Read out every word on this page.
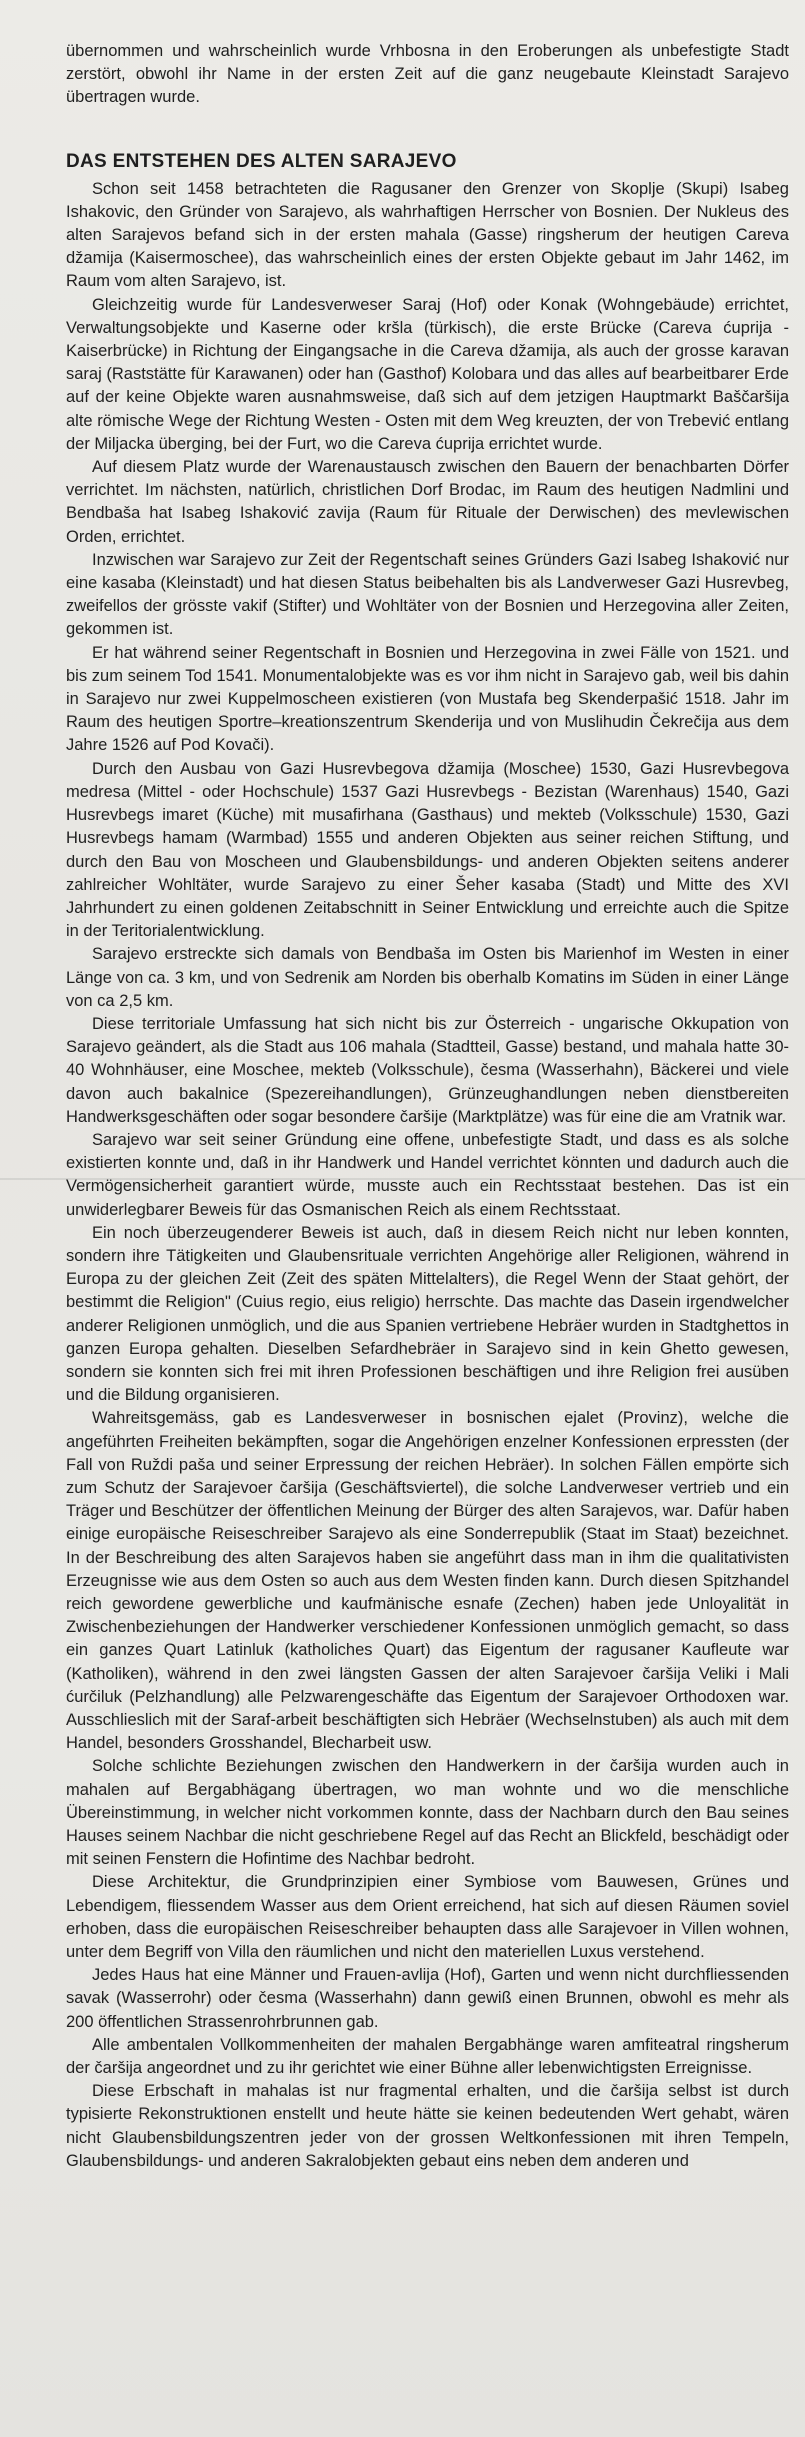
übernommen und wahrscheinlich wurde Vrhbosna in den Eroberungen als unbefestigte Stadt zerstört, obwohl ihr Name in der ersten Zeit auf die ganz neugebaute Kleinstadt Sarajevo übertragen wurde.

DAS ENTSTEHEN DES ALTEN SARAJEVO

Schon seit 1458 betrachteten die Ragusaner den Grenzer von Skoplje (Skupi) Isabeg Ishakovic, den Gründer von Sarajevo, als wahrhaftigen Herrscher von Bosnien. Der Nukleus des alten Sarajevos befand sich in der ersten mahala (Gasse) ringsherum der heutigen Careva džamija (Kaisermoschee), das wahrscheinlich eines der ersten Objekte gebaut im Jahr 1462, im Raum vom alten Sarajevo, ist.

Gleichzeitig wurde für Landesverweser Saraj (Hof) oder Konak (Wohngebäude) errichtet, Verwaltungsobjekte und Kaserne oder kršla (türkisch), die erste Brücke (Careva ćuprija - Kaiserbrücke) in Richtung der Eingangsache in die Careva džamija, als auch der grosse karavan saraj (Raststätte für Karawanen) oder han (Gasthof) Kolobara und das alles auf bearbeitbarer Erde auf der keine Objekte waren ausnahmsweise, daß sich auf dem jetzigen Hauptmarkt Baščaršija alte römische Wege der Richtung Westen - Osten mit dem Weg kreuzten, der von Trebević entlang der Miljacka überging, bei der Furt, wo die Careva ćuprija errichtet wurde.

Auf diesem Platz wurde der Warenaustausch zwischen den Bauern der benachbarten Dörfer verrichtet. Im nächsten, natürlich, christlichen Dorf Brodac, im Raum des heutigen Nadmlini und Bendbaša hat Isabeg Ishaković zavija (Raum für Rituale der Derwischen) des mevlewischen Orden, errichtet.

Inzwischen war Sarajevo zur Zeit der Regentschaft seines Gründers Gazi Isabeg Ishaković nur eine kasaba (Kleinstadt) und hat diesen Status beibehalten bis als Landverweser Gazi Husrevbeg, zweifellos der grösste vakif (Stifter) und Wohltäter von der Bosnien und Herzegovina aller Zeiten, gekommen ist.

Er hat während seiner Regentschaft in Bosnien und Herzegovina in zwei Fälle von 1521. und bis zum seinem Tod 1541. Monumentalobjekte was es vor ihm nicht in Sarajevo gab, weil bis dahin in Sarajevo nur zwei Kuppelmoscheen existieren (von Mustafa beg Skenderpašić 1518. Jahr im Raum des heutigen Sportre–kreationszentrum Skenderija und von Muslihudin Čekrečija aus dem Jahre 1526 auf Pod Kovači).

Durch den Ausbau von Gazi Husrevbegova džamija (Moschee) 1530, Gazi Husrevbegova medresa (Mittel - oder Hochschule) 1537 Gazi Husrevbegs - Bezistan (Warenhaus) 1540, Gazi Husrevbegs imaret (Küche) mit musafirhana (Gasthaus) und mekteb (Volksschule) 1530, Gazi Husrevbegs hamam (Warmbad) 1555 und anderen Objekten aus seiner reichen Stiftung, und durch den Bau von Moscheen und Glaubensbildungs- und anderen Objekten seitens anderer zahlreicher Wohltäter, wurde Sarajevo zu einer Šeher kasaba (Stadt) und Mitte des XVI Jahrhundert zu einen goldenen Zeitabschnitt in Seiner Entwicklung und erreichte auch die Spitze in der Teritorialentwicklung.

Sarajevo erstreckte sich damals von Bendbaša im Osten bis Marienhof im Westen in einer Länge von ca. 3 km, und von Sedrenik am Norden bis oberhalb Komatins im Süden in einer Länge von ca 2,5 km.

Diese territoriale Umfassung hat sich nicht bis zur Österreich - ungarische Okkupation von Sarajevo geändert, als die Stadt aus 106 mahala (Stadtteil, Gasse) bestand, und mahala hatte 30-40 Wohnhäuser, eine Moschee, mekteb (Volksschule), česma (Wasserhahn), Bäckerei und viele davon auch bakalnice (Spezereihandlungen), Grünzeughandlungen neben dienstbereiten Handwerksgeschäften oder sogar besondere čaršije (Marktplätze) was für eine die am Vratnik war.

Sarajevo war seit seiner Gründung eine offene, unbefestigte Stadt, und dass es als solche existierten konnte und, daß in ihr Handwerk und Handel verrichtet könnten und dadurch auch die Vermögensicherheit garantiert würde, musste auch ein Rechtsstaat bestehen. Das ist ein unwiderlegbarer Beweis für das Osmanischen Reich als einem Rechtsstaat.

Ein noch überzeugenderer Beweis ist auch, daß in diesem Reich nicht nur leben konnten, sondern ihre Tätigkeiten und Glaubensrituale verrichten Angehörige aller Religionen, während in Europa zu der gleichen Zeit (Zeit des späten Mittelalters), die Regel Wenn der Staat gehört, der bestimmt die Religion" (Cuius regio, eius religio) herrschte. Das machte das Dasein irgendwelcher anderer Religionen unmöglich, und die aus Spanien vertriebene Hebräer wurden in Stadtghettos in ganzen Europa gehalten. Dieselben Sefardhebräer in Sarajevo sind in kein Ghetto gewesen, sondern sie konnten sich frei mit ihren Professionen beschäftigen und ihre Religion frei ausüben und die Bildung organisieren.

Wahreitsgemäss, gab es Landesverweser in bosnischen ejalet (Provinz), welche die angeführten Freiheiten bekämpften, sogar die Angehörigen enzelner Konfessionen erpressten (der Fall von Ruždi paša und seiner Erpressung der reichen Hebräer). In solchen Fällen empörte sich zum Schutz der Sarajevoer čaršija (Geschäftsviertel), die solche Landverweser vertrieb und ein Träger und Beschützer der öffentlichen Meinung der Bürger des alten Sarajevos, war. Dafür haben einige europäische Reiseschreiber Sarajevo als eine Sonderrepublik (Staat im Staat) bezeichnet. In der Beschreibung des alten Sarajevos haben sie angeführt dass man in ihm die qualitativisten Erzeugnisse wie aus dem Osten so auch aus dem Westen finden kann. Durch diesen Spitzhandel reich gewordene gewerbliche und kaufmänische esnafe (Zechen) haben jede Unloyalität in Zwischenbeziehungen der Handwerker verschiedener Konfessionen unmöglich gemacht, so dass ein ganzes Quart Latinluk (katholiches Quart) das Eigentum der ragusaner Kaufleute war (Katholiken), während in den zwei längsten Gassen der alten Sarajevoer čaršija Veliki i Mali ćurčiluk (Pelzhandlung) alle Pelzwarengeschäfte das Eigentum der Sarajevoer Orthodoxen war. Ausschlieslich mit der Saraf-arbeit beschäftigten sich Hebräer (Wechselnstuben) als auch mit dem Handel, besonders Grosshandel, Blecharbeit usw.

Solche schlichte Beziehungen zwischen den Handwerkern in der čaršija wurden auch in mahalen auf Bergabhägang übertragen, wo man wohnte und wo die menschliche Übereinstimmung, in welcher nicht vorkommen konnte, dass der Nachbarn durch den Bau seines Hauses seinem Nachbar die nicht geschriebene Regel auf das Recht an Blickfeld, beschädigt oder mit seinen Fenstern die Hofintime des Nachbar bedroht.

Diese Architektur, die Grundprinzipien einer Symbiose vom Bauwesen, Grünes und Lebendigem, fliessendem Wasser aus dem Orient erreichend, hat sich auf diesen Räumen soviel erhoben, dass die europäischen Reiseschreiber behaupten dass alle Sarajevoer in Villen wohnen, unter dem Begriff von Villa den räumlichen und nicht den materiellen Luxus verstehend.

Jedes Haus hat eine Männer und Frauen-avlija (Hof), Garten und wenn nicht durchfliessenden savak (Wasserrohr) oder česma (Wasserhahn) dann gewiß einen Brunnen, obwohl es mehr als 200 öffentlichen Strassenrohrbrunnen gab.

Alle ambentalen Vollkommenheiten der mahalen Bergabhänge waren amfiteatral ringsherum der čaršija angeordnet und zu ihr gerichtet wie einer Bühne aller lebenwichtigsten Erreignisse.

Diese Erbschaft in mahalas ist nur fragmental erhalten, und die čaršija selbst ist durch typisierte Rekonstruktionen enstellt und heute hätte sie keinen bedeutenden Wert gehabt, wären nicht Glaubensbildungszentren jeder von der grossen Weltkonfessionen mit ihren Tempeln, Glaubensbildungs- und anderen Sakralobjekten gebaut eins neben dem anderen und
